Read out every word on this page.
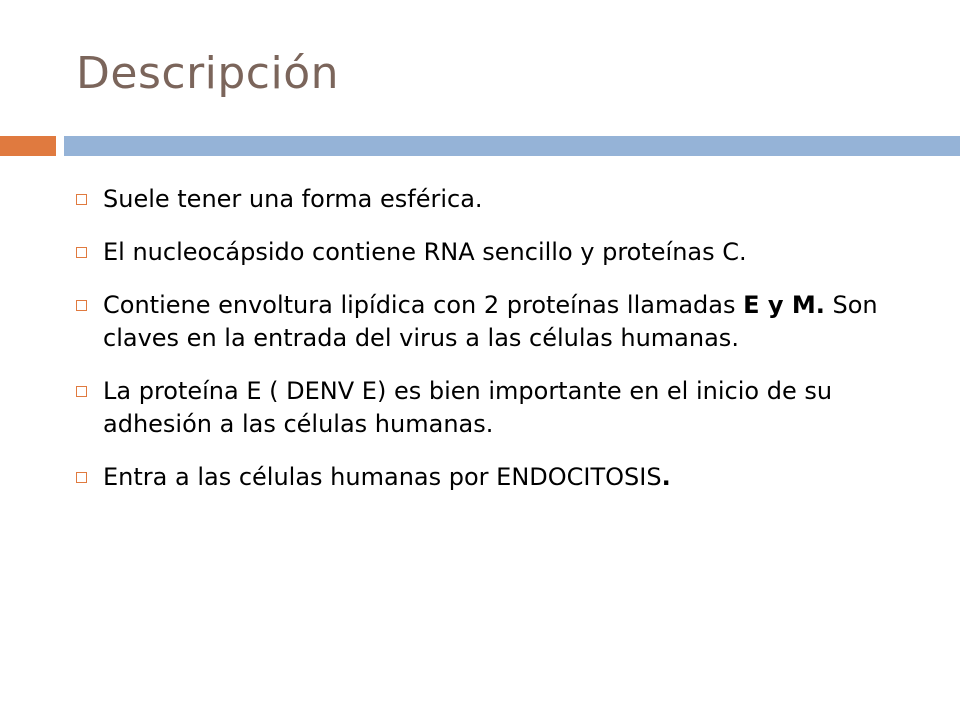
Descripción
Suele tener una forma esférica.
El nucleocápsido contiene RNA sencillo y proteínas C.
Contiene envoltura lipídica con 2 proteínas llamadas E y M. Son claves en la entrada del virus a las células humanas.
La proteína E ( DENV E) es bien importante en el inicio de su adhesión a las células humanas.
Entra a las células humanas por ENDOCITOSIS.
